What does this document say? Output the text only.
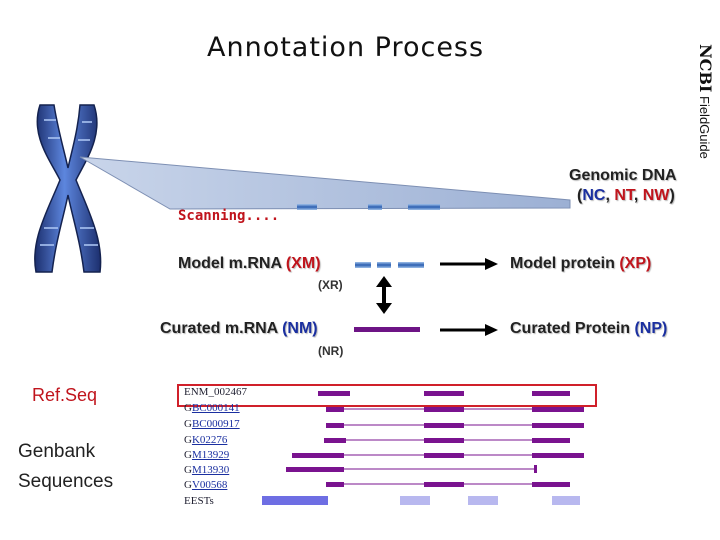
Annotation Process	NCBI FieldGuide
Genomic DNA
(NC, NT, NW)
Scanning....
Model m.RNA (XM)	Model protein (XP)
(XR)
Curated m.RNA (NM)	Curated Protein (NP)
(NR)
Ref.Seq
Genbank Sequences
ENM_002467
GBC000141
GBC000917
GK02276
GM13929
GM13930
GV00568
EESTs
